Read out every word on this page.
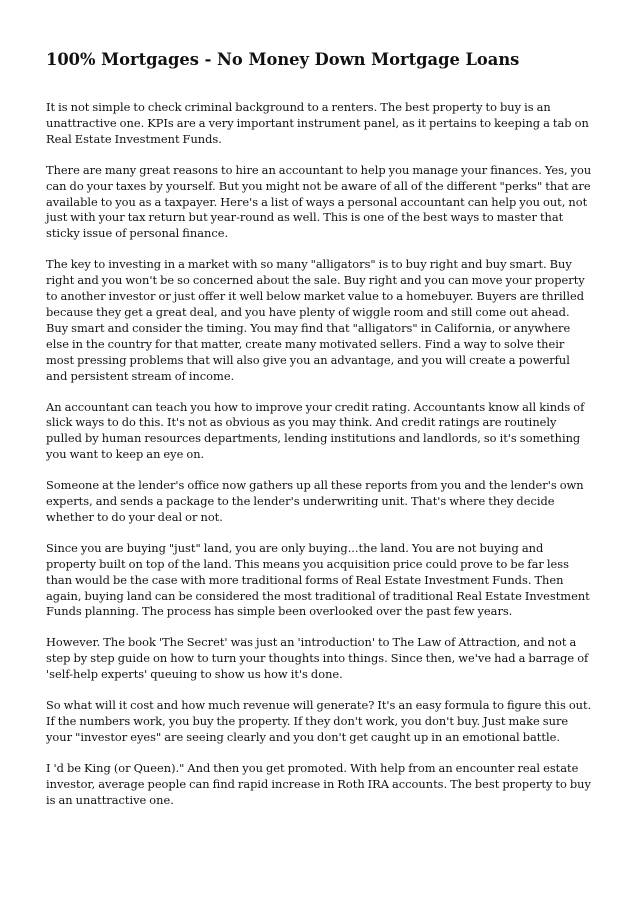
100% Mortgages - No Money Down Mortgage Loans

It is not simple to check criminal background to a renters. The best property to buy is an unattractive one. KPIs are a very important instrument panel, as it pertains to keeping a tab on Real Estate Investment Funds.

There are many great reasons to hire an accountant to help you manage your finances. Yes, you can do your taxes by yourself. But you might not be aware of all of the different "perks" that are available to you as a taxpayer. Here's a list of ways a personal accountant can help you out, not just with your tax return but year-round as well. This is one of the best ways to master that sticky issue of personal finance.

The key to investing in a market with so many "alligators" is to buy right and buy smart. Buy right and you won't be so concerned about the sale. Buy right and you can move your property to another investor or just offer it well below market value to a homebuyer. Buyers are thrilled because they get a great deal, and you have plenty of wiggle room and still come out ahead. Buy smart and consider the timing. You may find that "alligators" in California, or anywhere else in the country for that matter, create many motivated sellers. Find a way to solve their most pressing problems that will also give you an advantage, and you will create a powerful and persistent stream of income.

An accountant can teach you how to improve your credit rating. Accountants know all kinds of slick ways to do this. It's not as obvious as you may think. And credit ratings are routinely pulled by human resources departments, lending institutions and landlords, so it's something you want to keep an eye on.

Someone at the lender's office now gathers up all these reports from you and the lender's own experts, and sends a package to the lender's underwriting unit. That's where they decide whether to do your deal or not.

Since you are buying "just" land, you are only buying...the land. You are not buying and property built on top of the land. This means you acquisition price could prove to be far less than would be the case with more traditional forms of Real Estate Investment Funds. Then again, buying land can be considered the most traditional of traditional Real Estate Investment Funds planning. The process has simple been overlooked over the past few years.

However. The book 'The Secret' was just an 'introduction' to The Law of Attraction, and not a step by step guide on how to turn your thoughts into things. Since then, we've had a barrage of 'self-help experts' queuing to show us how it's done.

So what will it cost and how much revenue will generate? It's an easy formula to figure this out. If the numbers work, you buy the property. If they don't work, you don't buy. Just make sure your "investor eyes" are seeing clearly and you don't get caught up in an emotional battle.

I 'd be King (or Queen)." And then you get promoted. With help from an encounter real estate investor, average people can find rapid increase in Roth IRA accounts. The best property to buy is an unattractive one.
